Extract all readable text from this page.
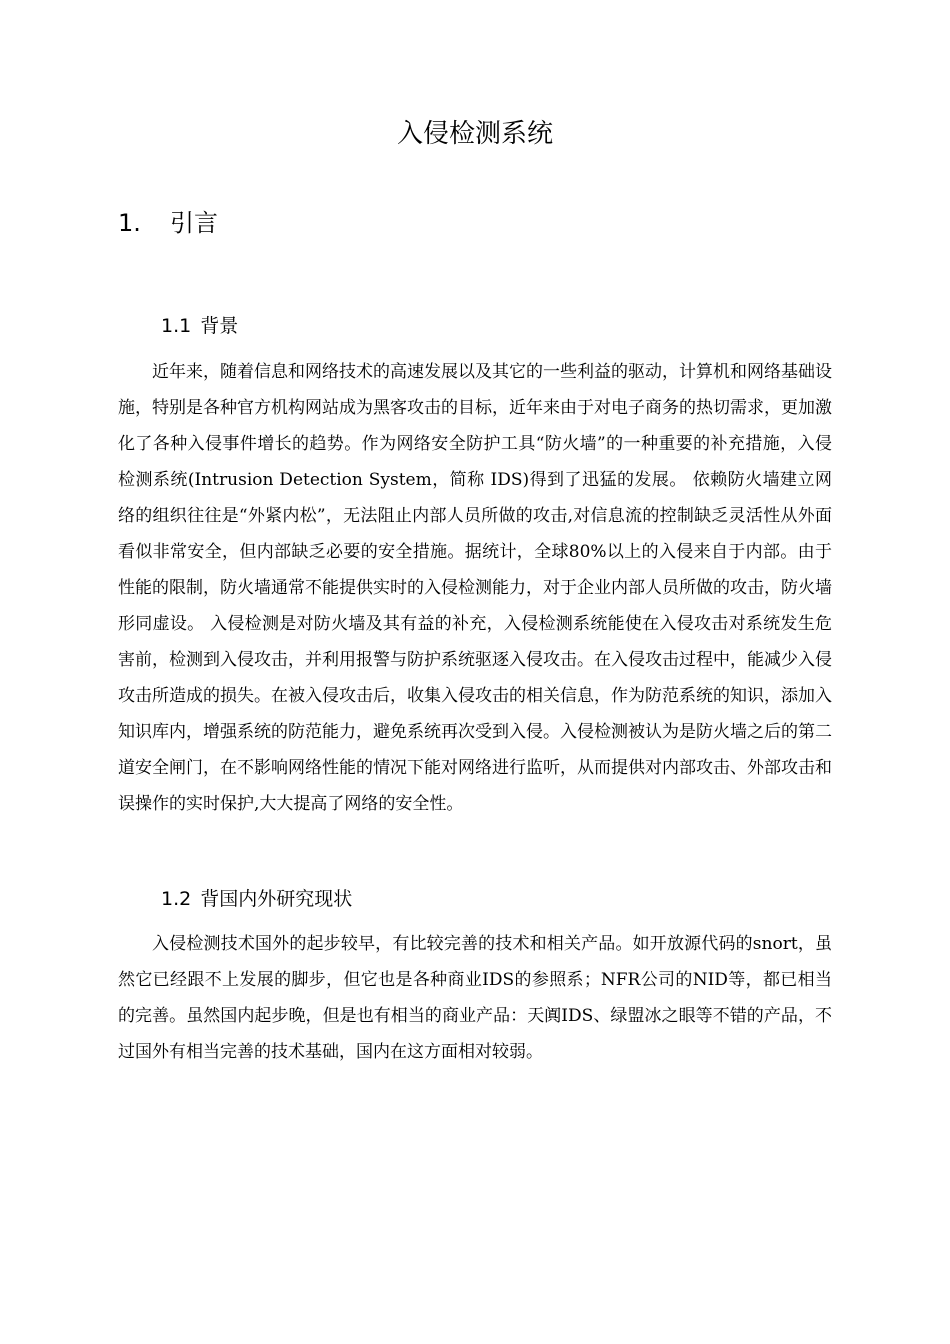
入侵检测系统
1. 引言
1.1 背景

近年来，随着信息和网络技术的高速发展以及其它的一些利益的驱动，计算机和网络基础设施，特别是各种官方机构网站成为黑客攻击的目标，近年来由于对电子商务的热切需求，更加激化了各种入侵事件增长的趋势。作为网络安全防护工具“防火墙”的一种重要的补充措施，入侵检测系统(Intrusion Detection System，简称 IDS)得到了迅猛的发展。 依赖防火墙建立网络的组织往往是“外紧内松”，无法阻止内部人员所做的攻击,对信息流的控制缺乏灵活性从外面看似非常安全，但内部缺乏必要的安全措施。据统计，全球80%以上的入侵来自于内部。由于性能的限制，防火墙通常不能提供实时的入侵检测能力，对于企业内部人员所做的攻击，防火墙形同虚设。 入侵检测是对防火墙及其有益的补充，入侵检测系统能使在入侵攻击对系统发生危害前，检测到入侵攻击，并利用报警与防护系统驱逐入侵攻击。在入侵攻击过程中，能减少入侵攻击所造成的损失。在被入侵攻击后，收集入侵攻击的相关信息，作为防范系统的知识，添加入知识库内，增强系统的防范能力，避免系统再次受到入侵。入侵检测被认为是防火墙之后的第二道安全闸门，在不影响网络性能的情况下能对网络进行监听，从而提供对内部攻击、外部攻击和误操作的实时保护,大大提高了网络的安全性。

1.2 背国内外研究现状

入侵检测技术国外的起步较早，有比较完善的技术和相关产品。如开放源代码的snort，虽然它已经跟不上发展的脚步，但它也是各种商业IDS的参照系；NFR公司的NID等，都已相当的完善。虽然国内起步晚，但是也有相当的商业产品：天阗IDS、绿盟冰之眼等不错的产品，不过国外有相当完善的技术基础，国内在这方面相对较弱。
